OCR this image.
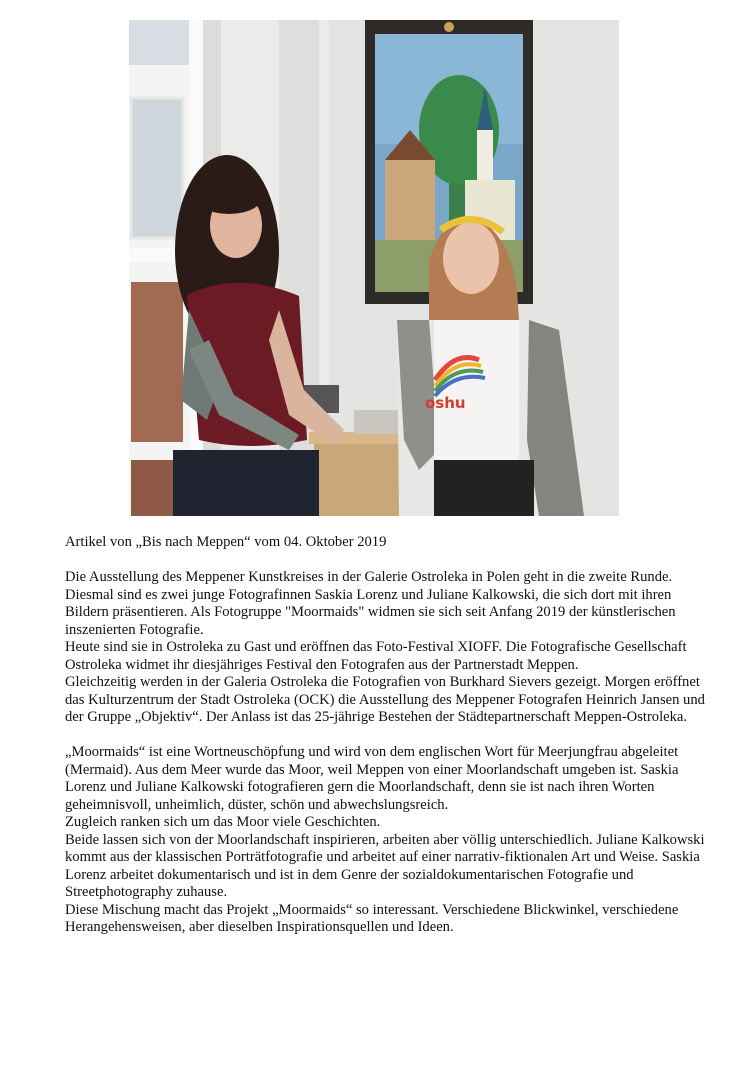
oshu

Artikel von „Bis nach Meppen“ vom 04. Oktober 2019

Die Ausstellung des Meppener Kunstkreises in der Galerie Ostroleka in Polen geht in die zweite Runde. Diesmal sind es zwei junge Fotografinnen Saskia Lorenz und Juliane Kalkowski, die sich dort mit ihren Bildern präsentieren. Als Fotogruppe "Moormaids" widmen sie sich seit Anfang 2019 der künstlerischen inszenierten Fotografie.

Heute sind sie in Ostroleka zu Gast und eröffnen das Foto-Festival XIOFF. Die Fotografische Gesellschaft Ostroleka widmet ihr diesjähriges Festival den Fotografen aus der Partnerstadt Meppen.

Gleichzeitig werden in der Galeria Ostroleka die Fotografien von Burkhard Sievers gezeigt. Morgen eröffnet das Kulturzentrum der Stadt Ostroleka (OCK) die Ausstellung des Meppener Fotografen Heinrich Jansen und der Gruppe „Objektiv“. Der Anlass ist das 25-jährige Bestehen der Städtepartnerschaft Meppen-Ostroleka.

„Moormaids“ ist eine Wortneuschöpfung und wird von dem englischen Wort für Meerjungfrau abgeleitet (Mermaid). Aus dem Meer wurde das Moor, weil Meppen von einer Moorlandschaft umgeben ist. Saskia Lorenz und Juliane Kalkowski fotografieren gern die Moorlandschaft, denn sie ist nach ihren Worten geheimnisvoll, unheimlich, düster, schön und abwechslungsreich.

Zugleich ranken sich um das Moor viele Geschichten.

Beide lassen sich von der Moorlandschaft inspirieren, arbeiten aber völlig unterschiedlich. Juliane Kalkowski kommt aus der klassischen Porträtfotografie und arbeitet auf einer narrativ-fiktionalen Art und Weise. Saskia Lorenz arbeitet dokumentarisch und ist in dem Genre der sozialdokumentarischen Fotografie und Streetphotography zuhause.

Diese Mischung macht das Projekt „Moormaids“ so interessant. Verschiedene Blickwinkel, verschiedene Herangehensweisen, aber dieselben Inspirationsquellen und Ideen.
